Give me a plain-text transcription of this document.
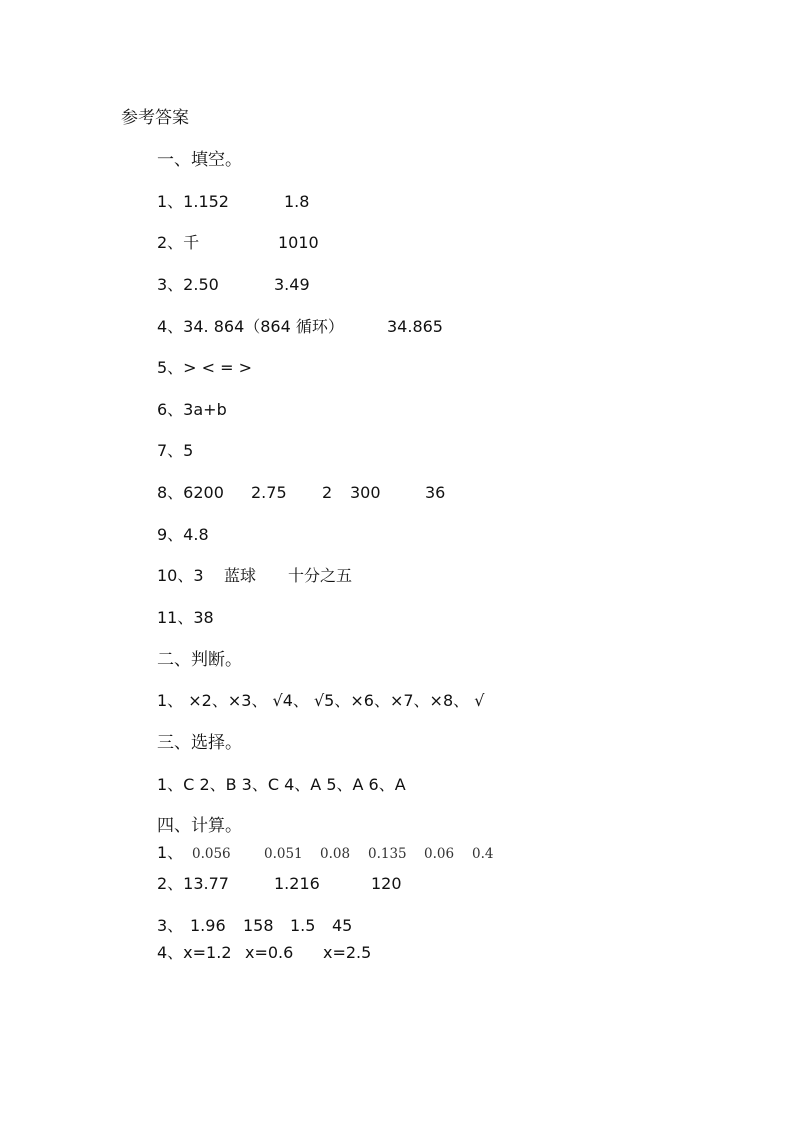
参考答案
一、填空。
1、1.152	1.8
2、千	1010
3、2.50	3.49
4、34. 864（864 循环）	34.865
5、> < = >
6、3a+b
7、5
8、6200 2.75 2 300	36
9、4.8
10、3 蓝球 十分之五
11、38
二、判断。
1、 ×2、×3、 √4、 √5、×6、×7、×8、 √
三、选择。
1、C 2、B 3、C 4、A 5、A 6、A
四、计算。
1、 0.056 0.051 0.08 0.135 0.06 0.4
2、13.77	1.216	120
3、 1.96 158 1.5 45
4、x=1.2 x=0.6 x=2.5
